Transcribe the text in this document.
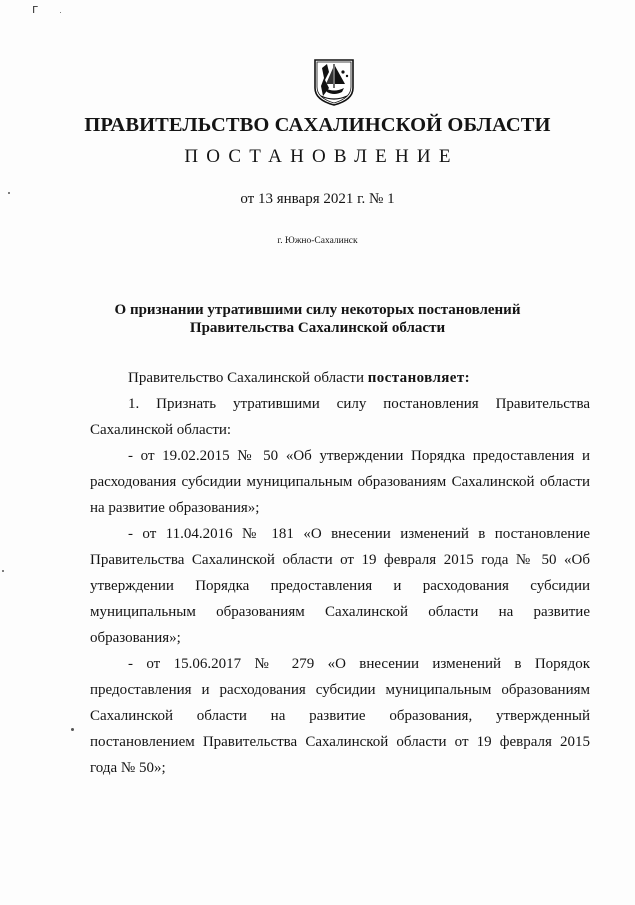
г
ПРАВИТЕЛЬСТВО САХАЛИНСКОЙ ОБЛАСТИ
ПОСТАНОВЛЕНИЕ
от 13 января 2021 г. № 1
г. Южно-Сахалинск
О признании утратившими силу некоторых постановлений
Правительства Сахалинской области
Правительство Сахалинской области постановляет:
1. Признать утратившими силу постановления Правительства
Сахалинской области:
- от 19.02.2015 № 50 «Об утверждении Порядка предоставления и
расходования субсидии муниципальным образованиям Сахалинской области
на развитие образования»;
- от 11.04.2016 № 181 «О внесении изменений в постановление
Правительства Сахалинской области от 19 февраля 2015 года № 50 «Об
утверждении Порядка предоставления и расходования субсидии
муниципальным образованиям Сахалинской области на развитие
образования»;
- от 15.06.2017 № 279 «О внесении изменений в Порядок
предоставления и расходования субсидии муниципальным образованиям
Сахалинской области на развитие образования, утвержденный
постановлением Правительства Сахалинской области от 19 февраля 2015
года № 50»;
